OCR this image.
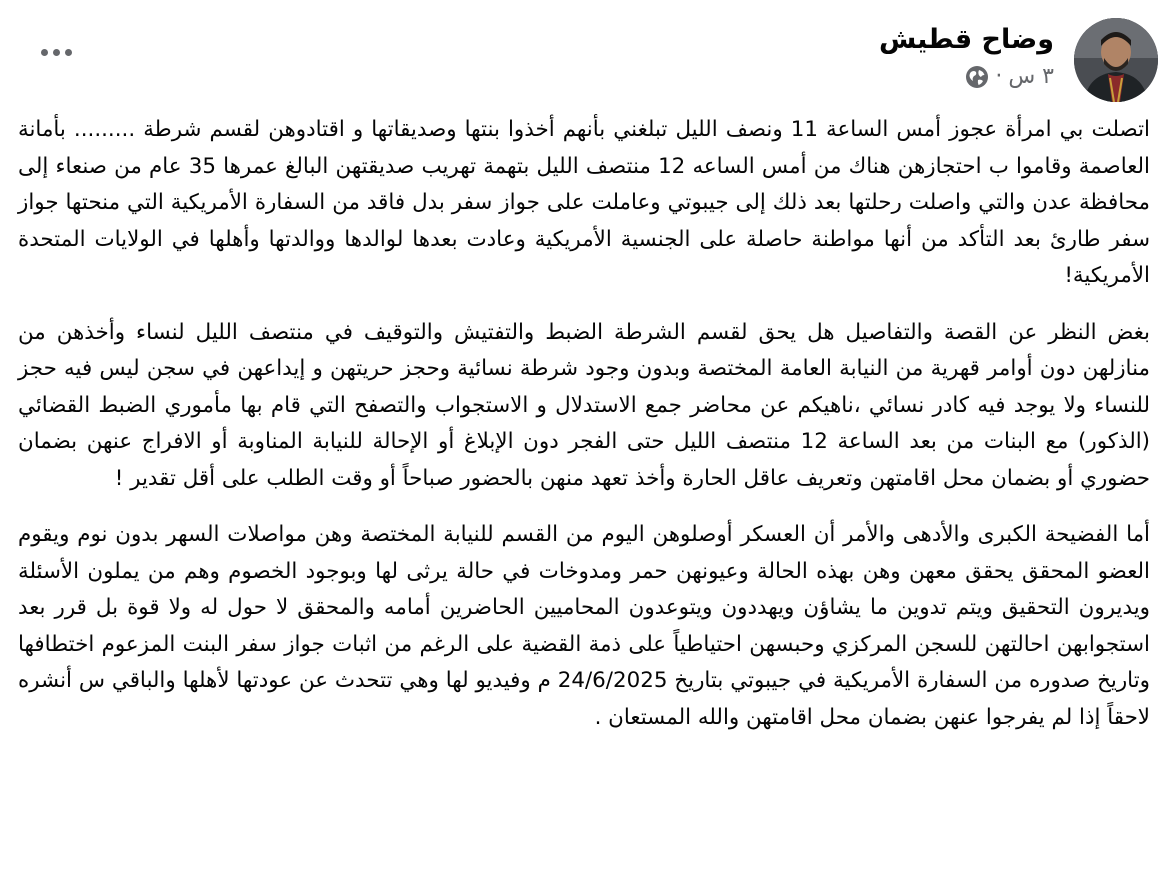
وضاح قطيش
٣ س
·

اتصلت بي امرأة عجوز أمس الساعة 11 ونصف الليل تبلغني بأنهم أخذوا بنتها وصديقاتها و اقتادوهن لقسم شرطة ......... بأمانة العاصمة وقاموا ب احتجازهن هناك من أمس الساعه 12 منتصف الليل بتهمة تهريب صديقتهن البالغ عمرها 35 عام من صنعاء إلى محافظة عدن والتي واصلت رحلتها بعد ذلك إلى جيبوتي وعاملت على جواز سفر بدل فاقد من السفارة الأمريكية التي منحتها جواز سفر طارئ بعد التأكد من أنها مواطنة حاصلة على الجنسية الأمريكية وعادت بعدها لوالدها ووالدتها وأهلها في الولايات المتحدة الأمريكية!

بغض النظر عن القصة والتفاصيل هل يحق لقسم الشرطة الضبط والتفتيش والتوقيف في منتصف الليل لنساء وأخذهن من منازلهن دون أوامر قهرية من النيابة العامة المختصة وبدون وجود شرطة نسائية وحجز حريتهن و إيداعهن في سجن ليس فيه حجز للنساء ولا يوجد فيه كادر نسائي ،ناهيكم عن محاضر جمع الاستدلال و الاستجواب والتصفح التي قام بها مأموري الضبط القضائي (الذكور) مع البنات من بعد الساعة 12 منتصف الليل حتى الفجر دون الإبلاغ أو الإحالة للنيابة المناوبة أو الافراج عنهن بضمان حضوري أو بضمان محل اقامتهن وتعريف عاقل الحارة وأخذ تعهد منهن بالحضور صباحاً أو وقت الطلب على أقل تقدير !

أما الفضيحة الكبرى والأدهى والأمر أن العسكر أوصلوهن اليوم من القسم للنيابة المختصة وهن مواصلات السهر بدون نوم ويقوم العضو المحقق يحقق معهن وهن بهذه الحالة وعيونهن حمر ومدوخات في حالة يرثى لها وبوجود الخصوم وهم من يملون الأسئلة ويديرون التحقيق ويتم تدوين ما يشاؤن ويهددون ويتوعدون المحاميين الحاضرين أمامه والمحقق لا حول له ولا قوة بل قرر بعد استجوابهن احالتهن للسجن المركزي وحبسهن احتياطياً على ذمة القضية على الرغم من اثبات جواز سفر البنت المزعوم اختطافها وتاريخ صدوره من السفارة الأمريكية في جيبوتي بتاريخ 24/6/2025 م وفيديو لها وهي تتحدث عن عودتها لأهلها والباقي س أنشره لاحقاً إذا لم يفرجوا عنهن بضمان محل اقامتهن والله المستعان .
